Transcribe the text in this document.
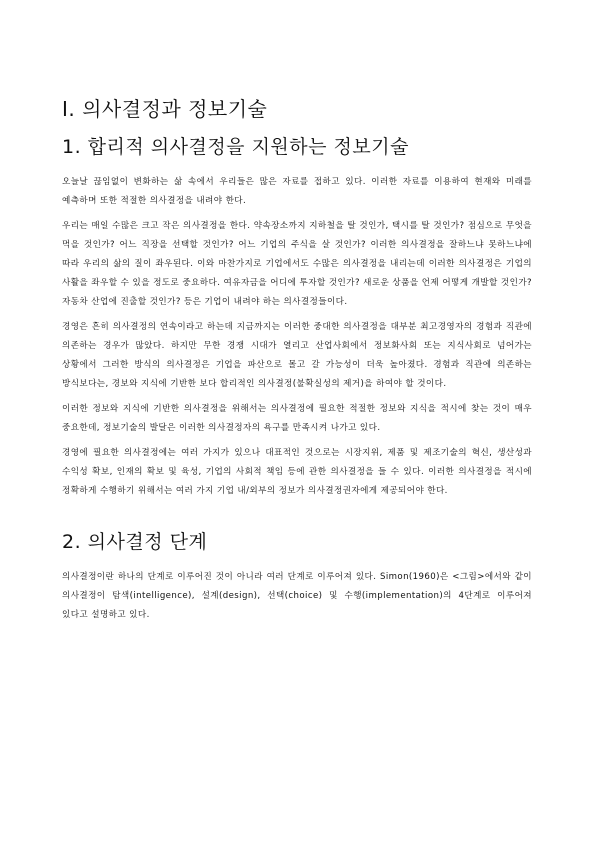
Ⅰ. 의사결정과 정보기술
1. 합리적 의사결정을 지원하는 정보기술

오늘날 끊임없이 변화하는 삶 속에서 우리들은 많은 자료를 접하고 있다. 이러한 자료를 이용하여 현재와 미래를 예측하며 또한 적절한 의사결정을 내려야 한다.

우리는 매일 수많은 크고 작은 의사결정을 한다. 약속장소까지 지하철을 탈 것인가, 택시를 탈 것인가? 점심으로 무엇을 먹을 것인가? 어느 직장을 선택할 것인가? 어느 기업의 주식을 살 것인가? 이러한 의사결정을 잘하느냐 못하느냐에 따라 우리의 삶의 질이 좌우된다. 이와 마찬가지로 기업에서도 수많은 의사결정을 내리는데 이러한 의사결정은 기업의 사활을 좌우할 수 있을 정도로 중요하다. 여유자금을 어디에 투자할 것인가? 새로운 상품을 언제 어떻게 개발할 것인가? 자동차 산업에 진출할 것인가? 등은 기업이 내려야 하는 의사결정들이다.

경영은 흔히 의사결정의 연속이라고 하는데 지금까지는 이러한 중대한 의사결정을 대부분 최고경영자의 경험과 직관에 의존하는 경우가 많았다. 하지만 무한 경쟁 시대가 열리고 산업사회에서 정보화사회 또는 지식사회로 넘어가는 상황에서 그러한 방식의 의사결정은 기업을 파산으로 몰고 갈 가능성이 더욱 높아졌다. 경험과 직관에 의존하는 방식보다는, 경보와 지식에 기반한 보다 합리적인 의사결정(불확실성의 제거)을 하여야 할 것이다.

이러한 정보와 지식에 기반한 의사결정을 위해서는 의사결정에 필요한 적절한 정보와 지식을 적시에 찾는 것이 매우 중요한데, 정보기술의 발달은 이러한 의사결정자의 욕구를 만족시켜 나가고 있다.

경영에 필요한 의사결정에는 여러 가지가 있으나 대표적인 것으로는 시장지위, 제품 및 제조기술의 혁신, 생산성과 수익성 확보, 인재의 확보 및 육성, 기업의 사회적 책임 등에 관한 의사결정을 들 수 있다. 이러한 의사결정을 적시에 정확하게 수행하기 위해서는 여러 가지 기업 내/외부의 정보가 의사결정권자에게 제공되어야 한다.

2. 의사결정 단계

의사결정이란 하나의 단계로 이루어진 것이 아니라 여러 단계로 이루어져 있다. Simon(1960)은 <그림>에서와 같이 의사결정이 탐색(intelligence), 설계(design), 선택(choice) 및 수행(implementation)의 4단계로 이루어져 있다고 설명하고 있다.
